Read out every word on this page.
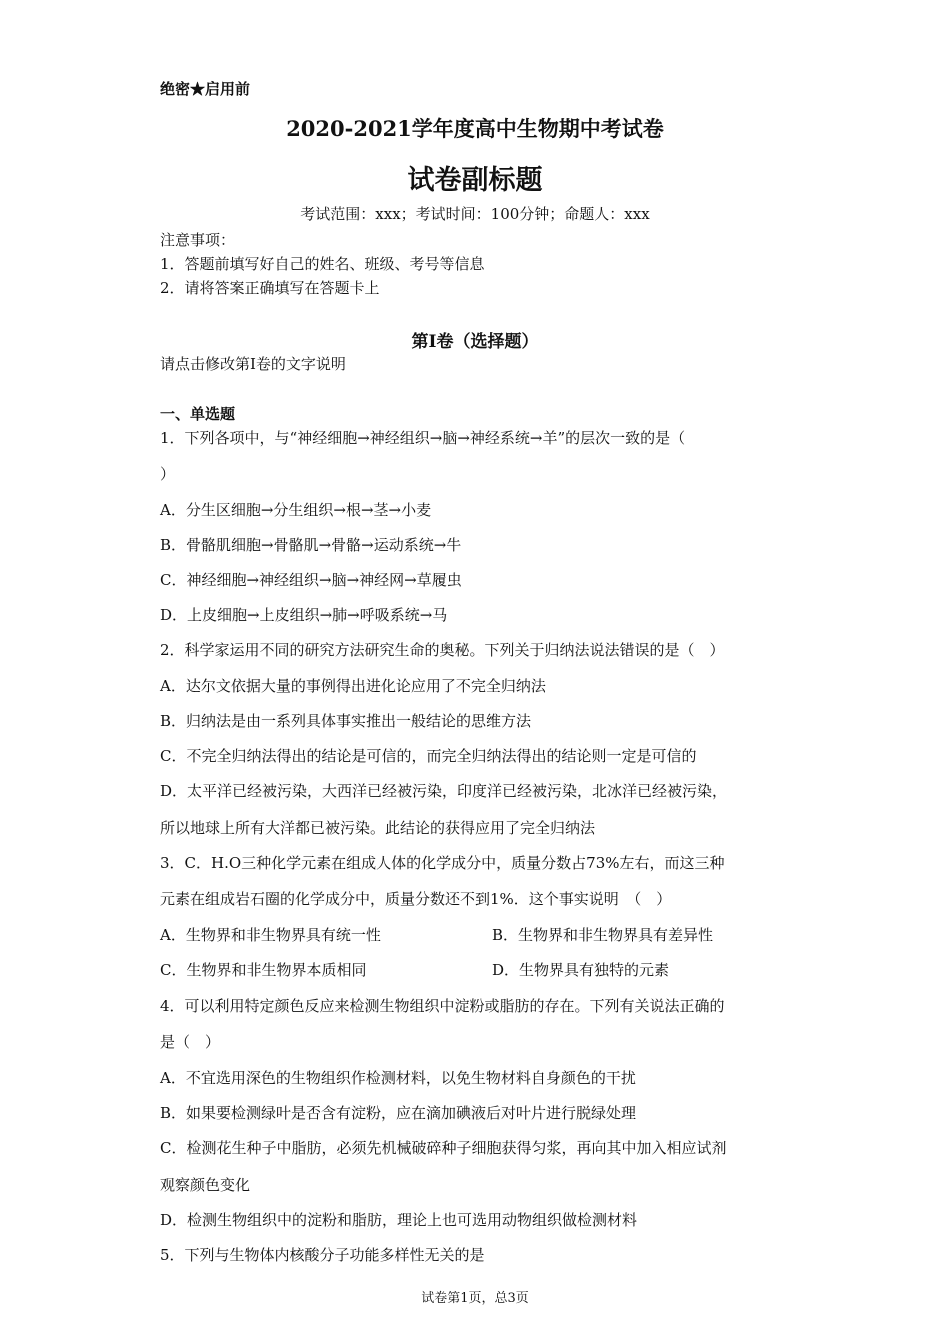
绝密★启用前
2020-2021学年度高中生物期中考试卷
试卷副标题
考试范围：xxx；考试时间：100分钟；命题人：xxx
注意事项：
1．答题前填写好自己的姓名、班级、考号等信息
2．请将答案正确填写在答题卡上
第I卷（选择题）
请点击修改第I卷的文字说明
一、单选题
1．下列各项中，与“神经细胞→神经组织→脑→神经系统→羊”的层次一致的是（
）
A．分生区细胞→分生组织→根→茎→小麦
B．骨骼肌细胞→骨骼肌→骨骼→运动系统→牛
C．神经细胞→神经组织→脑→神经网→草履虫
D．上皮细胞→上皮组织→肺→呼吸系统→马
2．科学家运用不同的研究方法研究生命的奥秘。下列关于归纳法说法错误的是（　）
A．达尔文依据大量的事例得出进化论应用了不完全归纳法
B．归纳法是由一系列具体事实推出一般结论的思维方法
C．不完全归纳法得出的结论是可信的，而完全归纳法得出的结论则一定是可信的
D．太平洋已经被污染，大西洋已经被污染，印度洋已经被污染，北冰洋已经被污染，
所以地球上所有大洋都已被污染。此结论的获得应用了完全归纳法
3．C．H.O三种化学元素在组成人体的化学成分中，质量分数占73%左右，而这三种
元素在组成岩石圈的化学成分中，质量分数还不到1%．这个事实说明　（　）
A．生物界和非生物界具有统一性	B．生物界和非生物界具有差异性
C．生物界和非生物界本质相同	D．生物界具有独特的元素
4．可以利用特定颜色反应来检测生物组织中淀粉或脂肪的存在。下列有关说法正确的
是（　）
A．不宜选用深色的生物组织作检测材料，以免生物材料自身颜色的干扰
B．如果要检测绿叶是否含有淀粉，应在滴加碘液后对叶片进行脱绿处理
C．检测花生种子中脂肪，必须先机械破碎种子细胞获得匀浆，再向其中加入相应试剂
观察颜色变化
D．检测生物组织中的淀粉和脂肪，理论上也可选用动物组织做检测材料
5．下列与生物体内核酸分子功能多样性无关的是
试卷第1页，总3页
